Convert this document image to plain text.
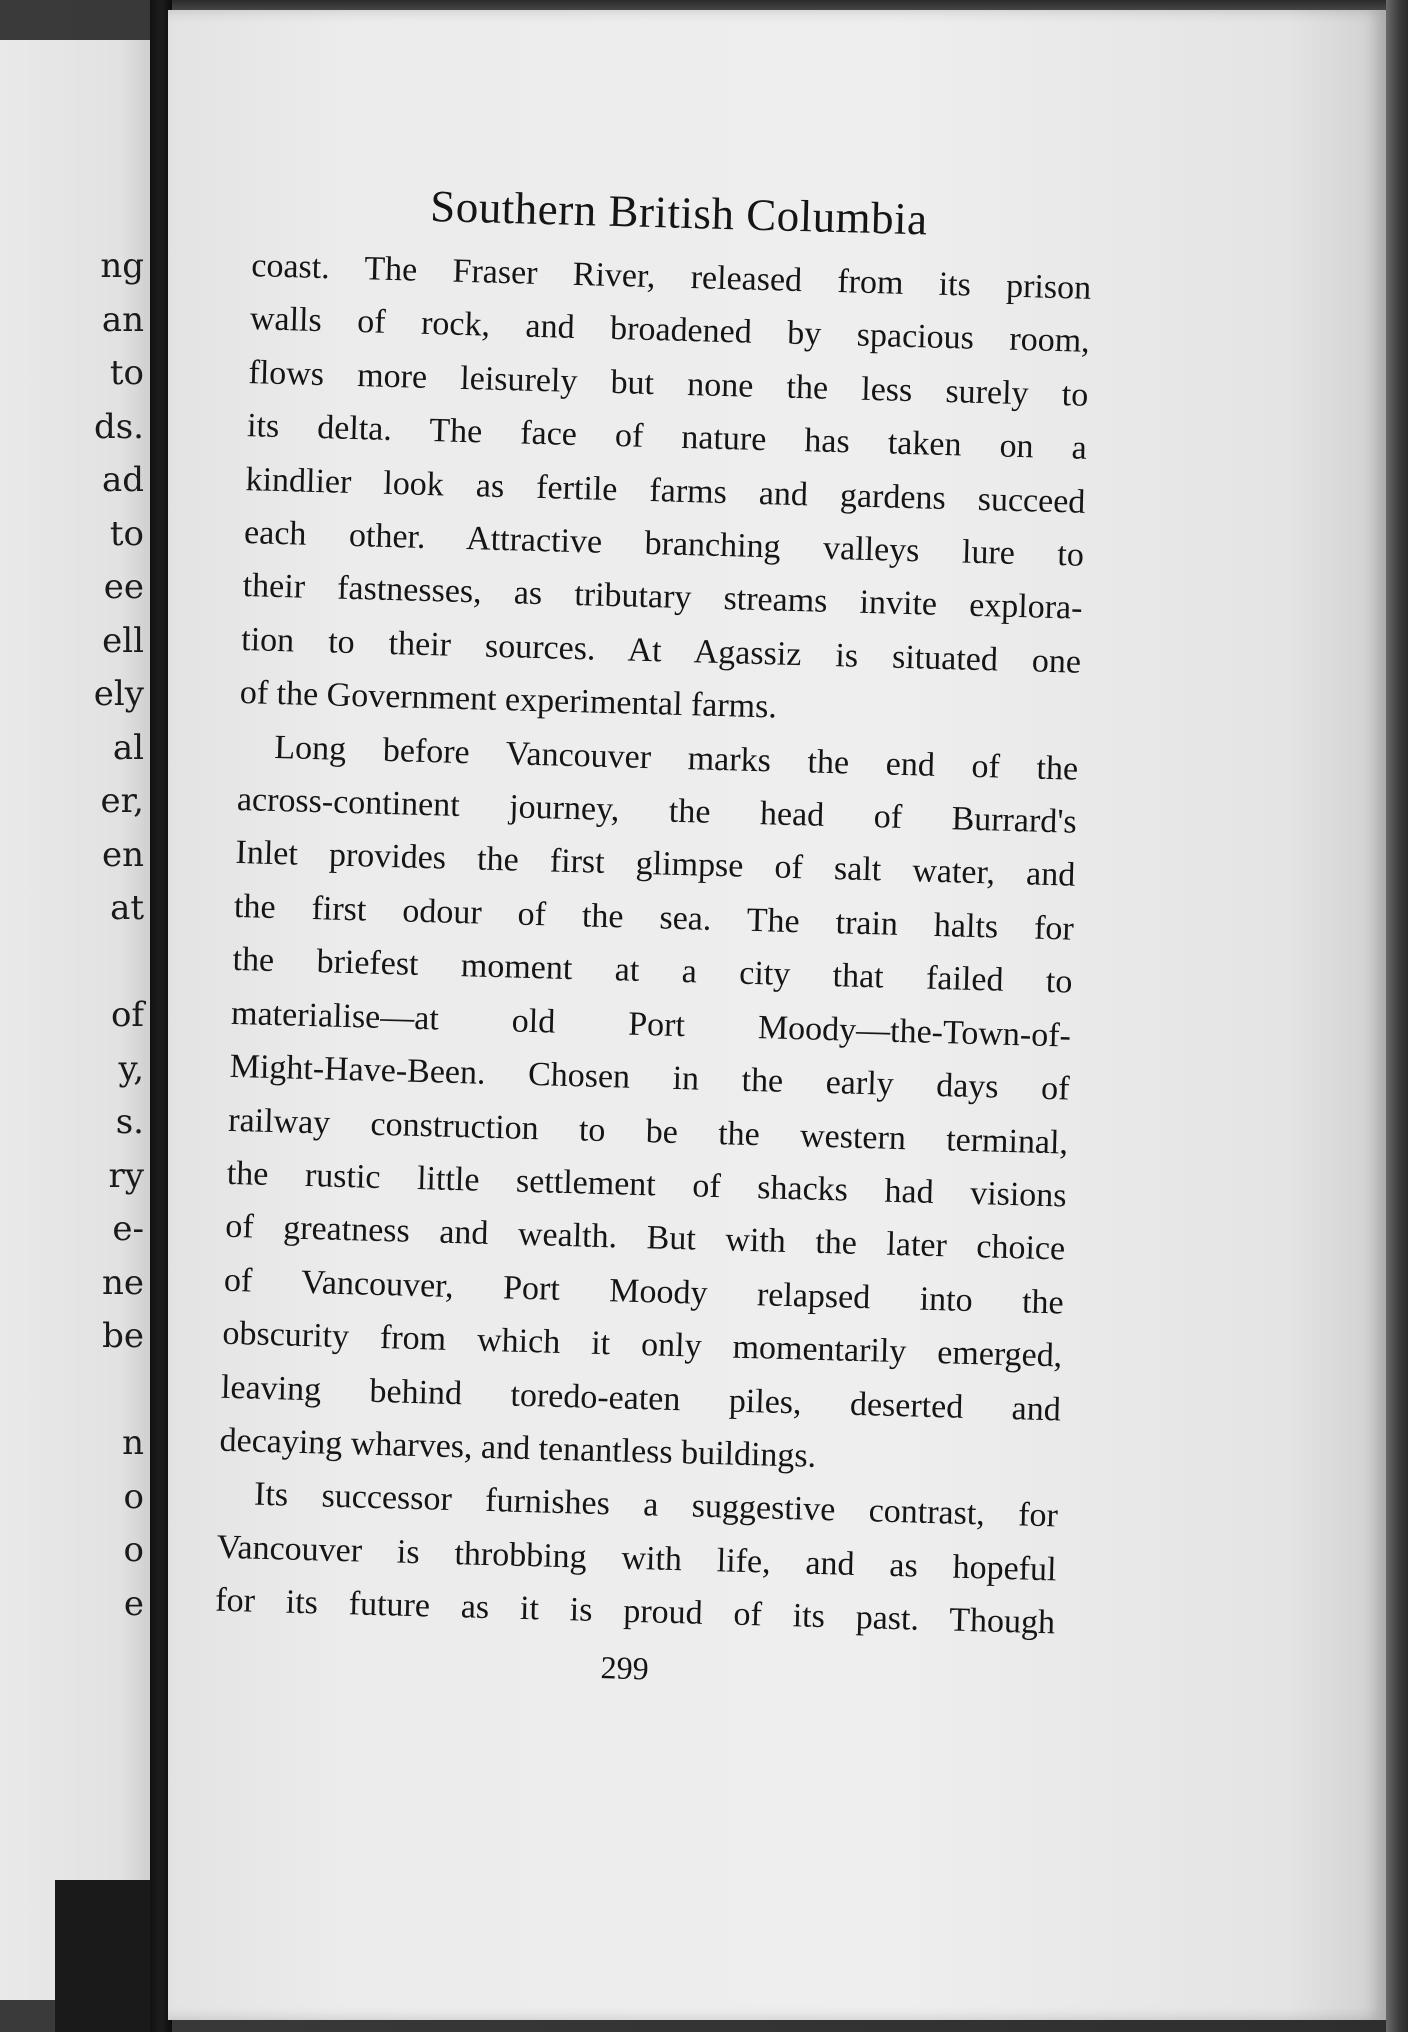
ng
an
to
ds.
ad
to
ee
ell
ely
al
er,
en
at
of
y,
s.
ry
e-
ne
be
n
o
o
e
Southern British Columbia
coast. The Fraser River, released from its prison
walls of rock, and broadened by spacious room,
flows more leisurely but none the less surely to
its delta. The face of nature has taken on a
kindlier look as fertile farms and gardens succeed
each other. Attractive branching valleys lure to
their fastnesses, as tributary streams invite explora-
tion to their sources. At Agassiz is situated one
of the Government experimental farms.
Long before Vancouver marks the end of the
across-continent journey, the head of Burrard's
Inlet provides the first glimpse of salt water, and
the first odour of the sea. The train halts for
the briefest moment at a city that failed to
materialise—at old Port Moody—the-Town-of-
Might-Have-Been. Chosen in the early days of
railway construction to be the western terminal,
the rustic little settlement of shacks had visions
of greatness and wealth. But with the later choice
of Vancouver, Port Moody relapsed into the
obscurity from which it only momentarily emerged,
leaving behind toredo-eaten piles, deserted and
decaying wharves, and tenantless buildings.
Its successor furnishes a suggestive contrast, for
Vancouver is throbbing with life, and as hopeful
for its future as it is proud of its past. Though
299
